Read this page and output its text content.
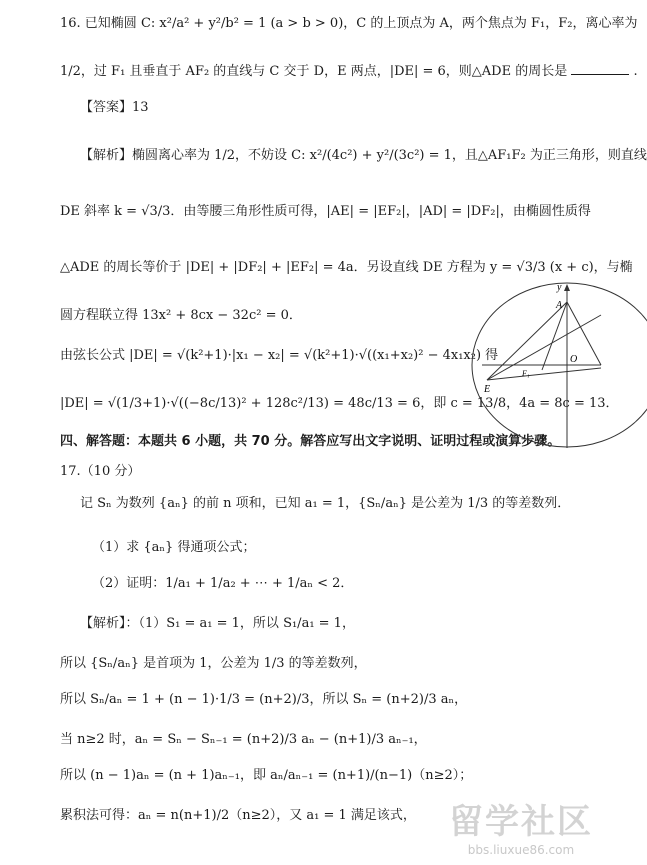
16. 已知椭圆 C: x²/a² + y²/b² = 1 (a > b > 0)，C 的上顶点为 A，两个焦点为 F₁，F₂，离心率为
1/2，过 F₁ 且垂直于 AF₂ 的直线与 C 交于 D，E 两点，|DE| = 6，则△ADE 的周长是	.
【答案】13
【解析】椭圆离心率为 1/2，不妨设 C: x²/(4c²) + y²/(3c²) = 1，且△AF₁F₂ 为正三角形，则直线
DE 斜率 k = √3/3．由等腰三角形性质可得，|AE| = |EF₂|，|AD| = |DF₂|，由椭圆性质得
△ADE 的周长等价于 |DE| + |DF₂| + |EF₂| = 4a．另设直线 DE 方程为 y = √3/3 (x + c)，与椭
圆方程联立得 13x² + 8cx − 32c² = 0．
由弦长公式 |DE| = √(k²+1)·|x₁ − x₂| = √(k²+1)·√((x₁+x₂)² − 4x₁x₂) 得
|DE| = √(1/3+1)·√((−8c/13)² + 128c²/13) = 48c/13 = 6，即 c = 13/8，4a = 8c = 13．
四、解答题：本题共 6 小题，共 70 分。解答应写出文字说明、证明过程或演算步骤。
17.（10 分）
记 Sₙ 为数列 {aₙ} 的前 n 项和，已知 a₁ = 1，{Sₙ/aₙ} 是公差为 1/3 的等差数列．
（1）求 {aₙ} 得通项公式；
（2）证明：1/a₁ + 1/a₂ + ⋯ + 1/aₙ < 2．
【解析】：（1）S₁ = a₁ = 1，所以 S₁/a₁ = 1，
所以 {Sₙ/aₙ} 是首项为 1，公差为 1/3 的等差数列，
所以 Sₙ/aₙ = 1 + (n − 1)·1/3 = (n+2)/3，所以 Sₙ = (n+2)/3 aₙ，
当 n≥2 时，aₙ = Sₙ − Sₙ₋₁ = (n+2)/3 aₙ − (n+1)/3 aₙ₋₁，
所以 (n − 1)aₙ = (n + 1)aₙ₋₁，即 aₙ/aₙ₋₁ = (n+1)/(n−1)（n≥2）；
累积法可得：aₙ = n(n+1)/2（n≥2），又 a₁ = 1 满足该式，
y
A
O
E
F₁
留学社区
bbs.liuxue86.com
